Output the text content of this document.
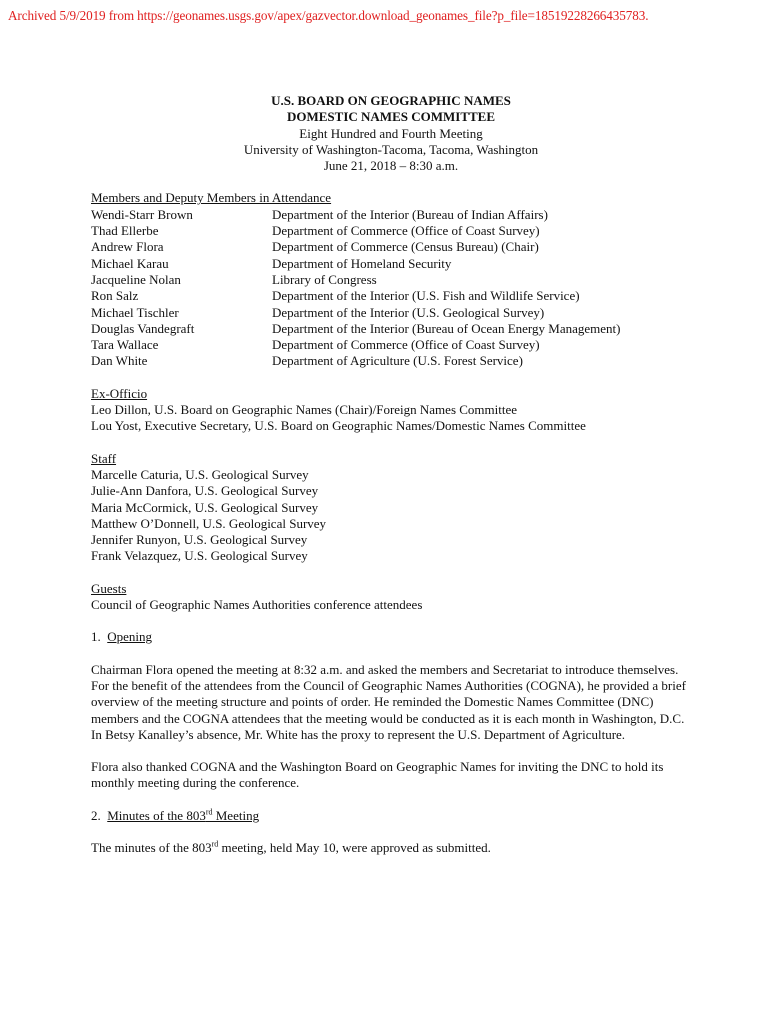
Archived 5/9/2019 from https://geonames.usgs.gov/apex/gazvector.download_geonames_file?p_file=18519228266435783.
U.S. BOARD ON GEOGRAPHIC NAMES
DOMESTIC NAMES COMMITTEE
Eight Hundred and Fourth Meeting
University of Washington-Tacoma, Tacoma, Washington
June 21, 2018 – 8:30 a.m.
Members and Deputy Members in Attendance
Wendi-Starr Brown	Department of the Interior (Bureau of Indian Affairs)
Thad Ellerbe	Department of Commerce (Office of Coast Survey)
Andrew Flora	Department of Commerce (Census Bureau) (Chair)
Michael Karau	Department of Homeland Security
Jacqueline Nolan	Library of Congress
Ron Salz	Department of the Interior (U.S. Fish and Wildlife Service)
Michael Tischler	Department of the Interior (U.S. Geological Survey)
Douglas Vandegraft	Department of the Interior (Bureau of Ocean Energy Management)
Tara Wallace	Department of Commerce (Office of Coast Survey)
Dan White	Department of Agriculture (U.S. Forest Service)
Ex-Officio
Leo Dillon, U.S. Board on Geographic Names (Chair)/Foreign Names Committee
Lou Yost, Executive Secretary, U.S. Board on Geographic Names/Domestic Names Committee
Staff
Marcelle Caturia, U.S. Geological Survey
Julie-Ann Danfora, U.S. Geological Survey
Maria McCormick, U.S. Geological Survey
Matthew O’Donnell, U.S. Geological Survey
Jennifer Runyon, U.S. Geological Survey
Frank Velazquez, U.S. Geological Survey
Guests
Council of Geographic Names Authorities conference attendees
1. Opening
Chairman Flora opened the meeting at 8:32 a.m. and asked the members and Secretariat to introduce themselves. For the benefit of the attendees from the Council of Geographic Names Authorities (COGNA), he provided a brief overview of the meeting structure and points of order. He reminded the Domestic Names Committee (DNC) members and the COGNA attendees that the meeting would be conducted as it is each month in Washington, D.C. In Betsy Kanalley’s absence, Mr. White has the proxy to represent the U.S. Department of Agriculture.
Flora also thanked COGNA and the Washington Board on Geographic Names for inviting the DNC to hold its monthly meeting during the conference.
2. Minutes of the 803rd Meeting
The minutes of the 803rd meeting, held May 10, were approved as submitted.
